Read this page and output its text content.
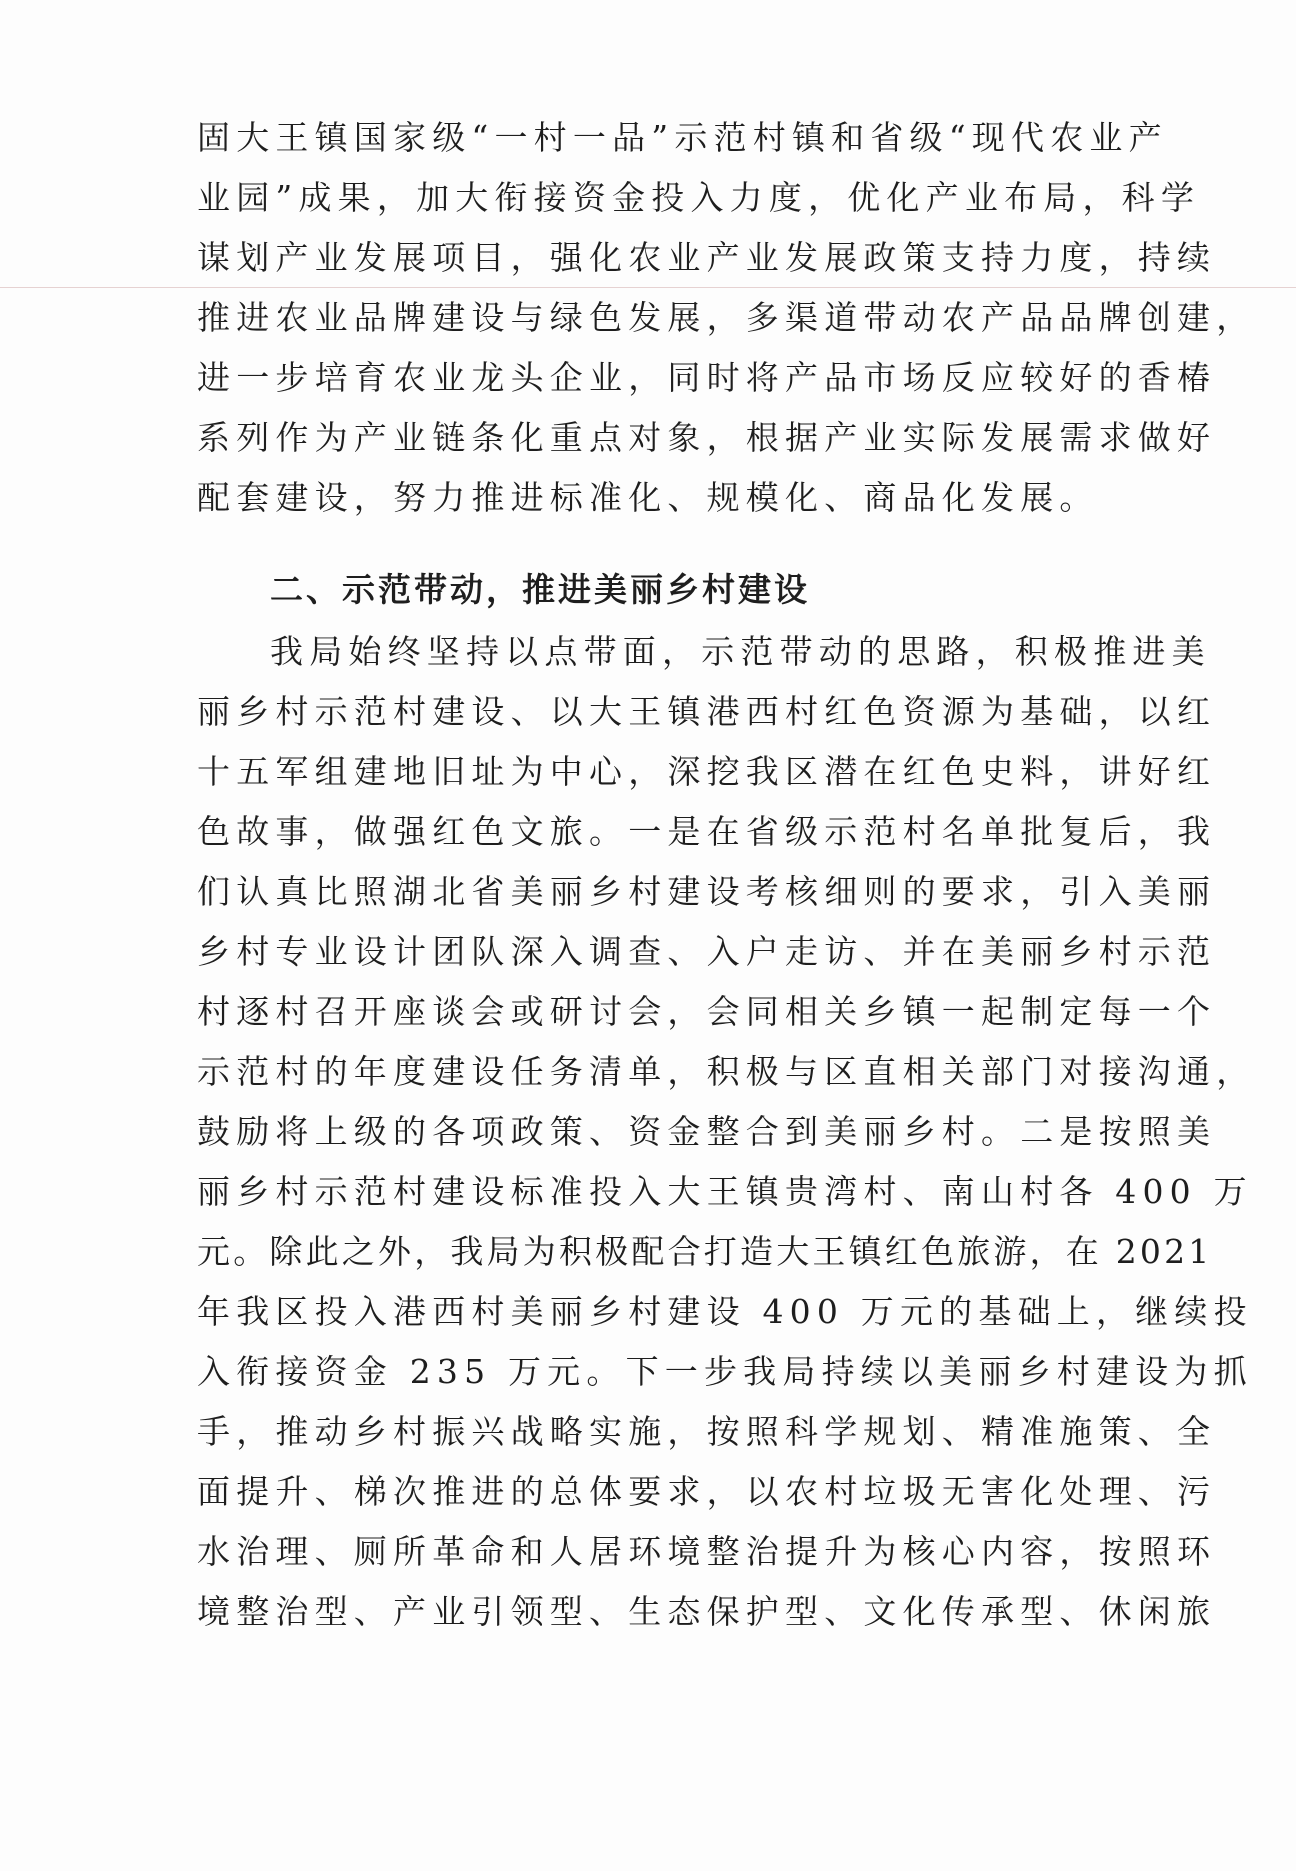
固大王镇国家级“一村一品”示范村镇和省级“现代农业产
业园”成果，加大衔接资金投入力度，优化产业布局，科学
谋划产业发展项目，强化农业产业发展政策支持力度，持续
推进农业品牌建设与绿色发展，多渠道带动农产品品牌创建，
进一步培育农业龙头企业，同时将产品市场反应较好的香椿
系列作为产业链条化重点对象，根据产业实际发展需求做好
配套建设，努力推进标准化、规模化、商品化发展。
二、示范带动，推进美丽乡村建设
我局始终坚持以点带面，示范带动的思路，积极推进美
丽乡村示范村建设、以大王镇港西村红色资源为基础，以红
十五军组建地旧址为中心，深挖我区潜在红色史料，讲好红
色故事，做强红色文旅。一是在省级示范村名单批复后，我
们认真比照湖北省美丽乡村建设考核细则的要求，引入美丽
乡村专业设计团队深入调查、入户走访、并在美丽乡村示范
村逐村召开座谈会或研讨会，会同相关乡镇一起制定每一个
示范村的年度建设任务清单，积极与区直相关部门对接沟通，
鼓励将上级的各项政策、资金整合到美丽乡村。二是按照美
丽乡村示范村建设标准投入大王镇贵湾村、南山村各 400 万
元。除此之外，我局为积极配合打造大王镇红色旅游，在 2021
年我区投入港西村美丽乡村建设 400 万元的基础上，继续投
入衔接资金 235 万元。下一步我局持续以美丽乡村建设为抓
手，推动乡村振兴战略实施，按照科学规划、精准施策、全
面提升、梯次推进的总体要求，以农村垃圾无害化处理、污
水治理、厕所革命和人居环境整治提升为核心内容，按照环
境整治型、产业引领型、生态保护型、文化传承型、休闲旅
